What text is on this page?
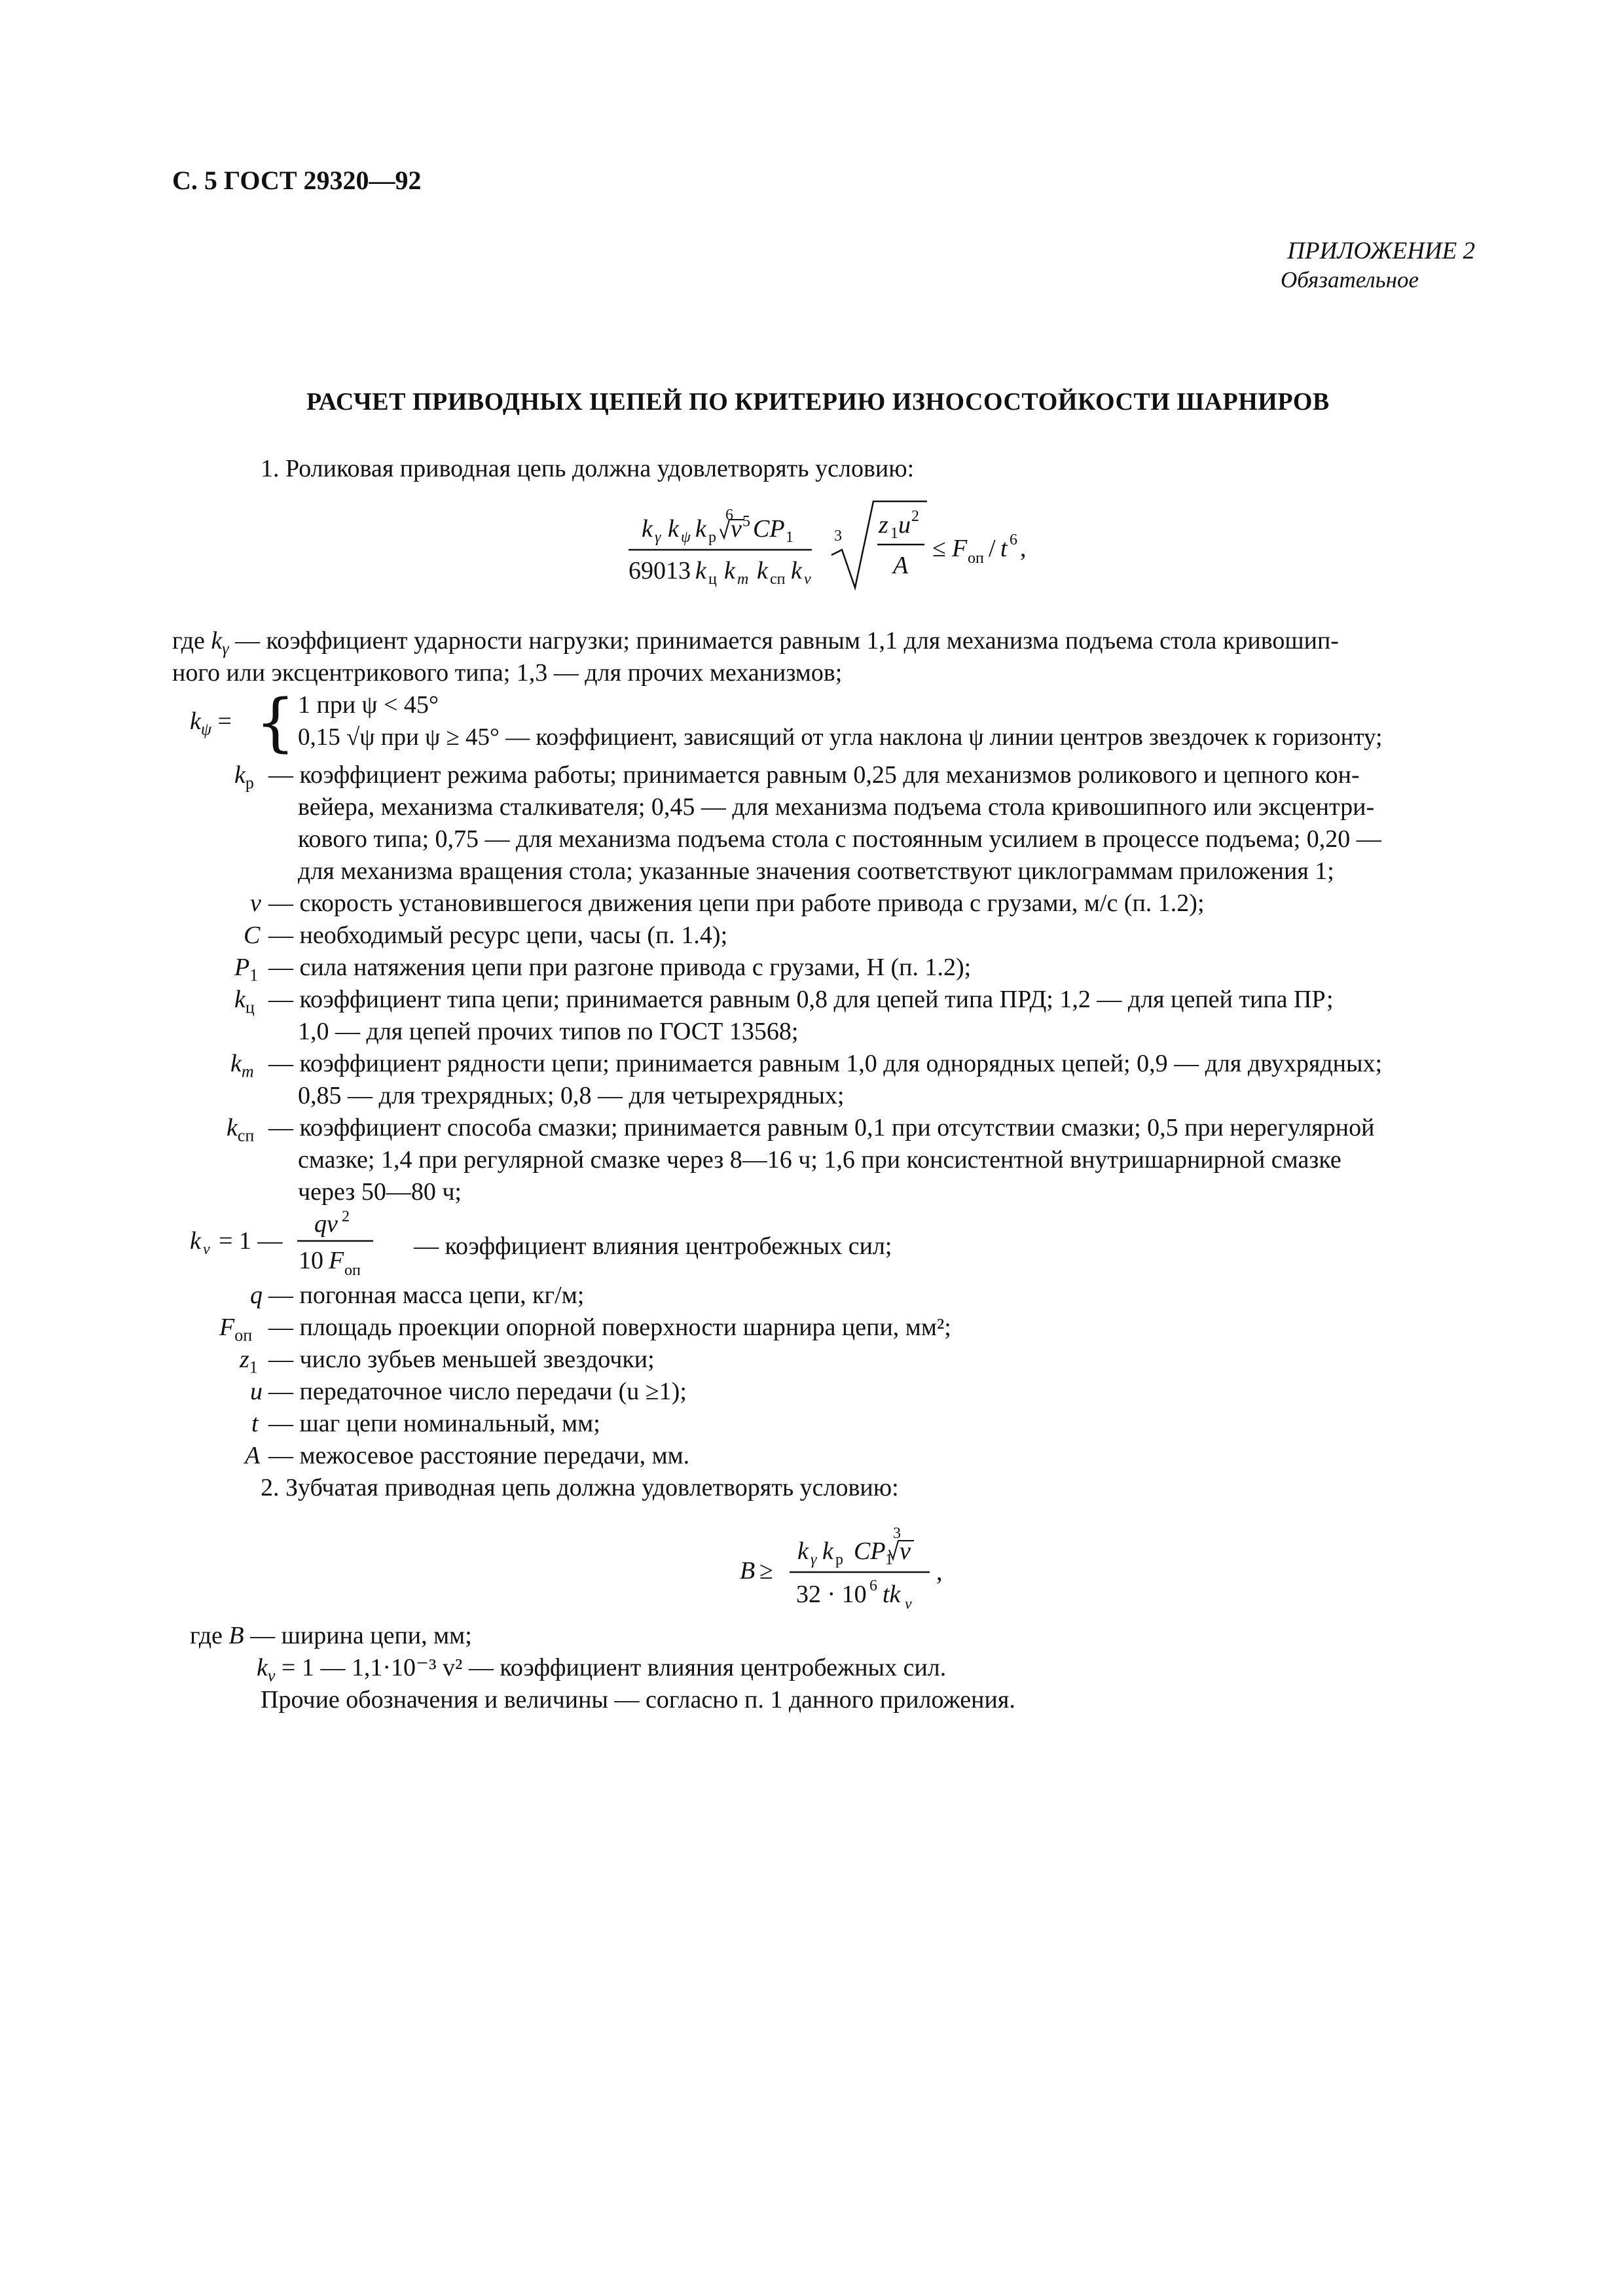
С. 5 ГОСТ 29320—92
ПРИЛОЖЕНИЕ 2
Обязательное
РАСЧЕТ ПРИВОДНЫХ ЦЕПЕЙ ПО КРИТЕРИЮ ИЗНОСОСТОЙКОСТИ ШАРНИРОВ
1. Роликовая приводная цепь должна удовлетворять условию:
k γ k ψ k р
6
v 5 CP 1
69013 k ц k m k сп k v
3 z 1 u 2
A
≤ F оп / t 6 ,
где $k_\gamma$ — коэффициент ударности нагрузки; принимается равным 1,1 для механизма подъема стола кривошип-
ного или эксцентрикового типа; 1,3 — для прочих механизмов;
$k_\psi$ = { 1 при ψ < 45°
0,15 √ψ при ψ ≥ 45° — коэффициент, зависящий от угла наклона ψ линии центров звездочек к горизонту;
$k_р$ — коэффициент режима работы; принимается равным 0,25 для механизмов роликового и цепного кон-
вейера, механизма сталкивателя; 0,45 — для механизма подъема стола кривошипного или эксцентри-
кового типа; 0,75 — для механизма подъема стола с постоянным усилием в процессе подъема; 0,20 —
для механизма вращения стола; указанные значения соответствуют циклограммам приложения 1;
v — скорость установившегося движения цепи при работе привода с грузами, м/с (п. 1.2);
C — необходимый ресурс цепи, часы (п. 1.4);
$P_1$ — сила натяжения цепи при разгоне привода с грузами, Н (п. 1.2);
$k_ц$ — коэффициент типа цепи; принимается равным 0,8 для цепей типа ПРД; 1,2 — для цепей типа ПР;
1,0 — для цепей прочих типов по ГОСТ 13568;
$k_m$ — коэффициент рядности цепи; принимается равным 1,0 для однорядных цепей; 0,9 — для двухрядных;
0,85 — для трехрядных; 0,8 — для четырехрядных;
$k_{сп}$ — коэффициент способа смазки; принимается равным 0,1 при отсутствии смазки; 0,5 при нерегулярной
смазке; 1,4 при регулярной смазке через 8—16 ч; 1,6 при консистентной внутришарнирной смазке
через 50—80 ч;
k v = 1 —
qv 2
10 F оп
— коэффициент влияния центробежных сил;
q — погонная масса цепи, кг/м;
$F_{оп}$ — площадь проекции опорной поверхности шарнира цепи, мм²;
$z_1$ — число зубьев меньшей звездочки;
u — передаточное число передачи (u ≥1);
t — шаг цепи номинальный, мм;
A — межосевое расстояние передачи, мм.
2. Зубчатая приводная цепь должна удовлетворять условию:
B ≥
k γ k р CP 1
3
v
32 · 10 6 tk v
,
где B — ширина цепи, мм;
$k_v = 1$ — 1,1·10⁻³ v² — коэффициент влияния центробежных сил.
Прочие обозначения и величины — согласно п. 1 данного приложения.
